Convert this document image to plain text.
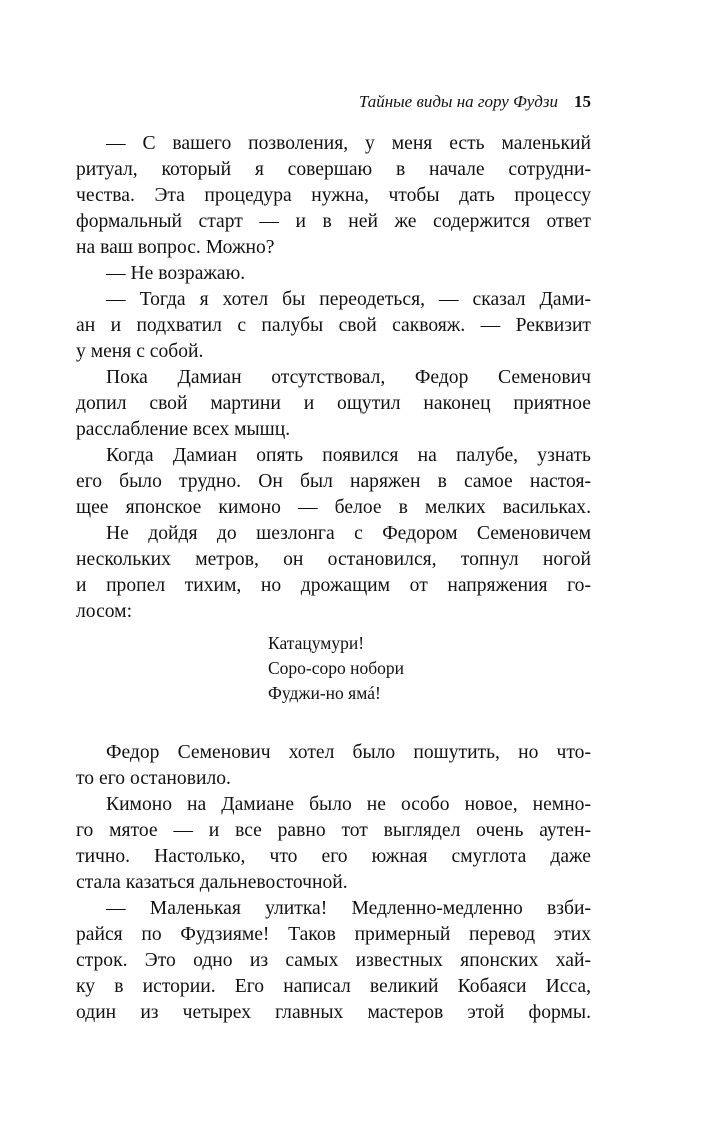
Тайные виды на гору Фудзи 15
— С вашего позволения, у меня есть маленький
ритуал, который я совершаю в начале сотрудни-
чества. Эта процедура нужна, чтобы дать процессу
формальный старт — и в ней же содержится ответ
на ваш вопрос. Можно?
— Не возражаю.
— Тогда я хотел бы переодеться, — сказал Дами-
ан и подхватил с палубы свой саквояж. — Реквизит
у меня с собой.
Пока Дамиан отсутствовал, Федор Семенович
допил свой мартини и ощутил наконец приятное
расслабление всех мышц.
Когда Дамиан опять появился на палубе, узнать
его было трудно. Он был наряжен в самое настоя-
щее японское кимоно — белое в мелких васильках.
Не дойдя до шезлонга с Федором Семеновичем
нескольких метров, он остановился, топнул ногой
и пропел тихим, но дрожащим от напряжения го-
лосом:
Катацумури!
Соро-соро нобори
Фуджи-но ямá!
Федор Семенович хотел было пошутить, но что-
то его остановило.
Кимоно на Дамиане было не особо новое, немно-
го мятое — и все равно тот выглядел очень аутен-
тично. Настолько, что его южная смуглота даже
стала казаться дальневосточной.
— Маленькая улитка! Медленно-медленно взби-
райся по Фудзияме! Таков примерный перевод этих
строк. Это одно из самых известных японских хай-
ку в истории. Его написал великий Кобаяси Исса,
один из четырех главных мастеров этой формы.
